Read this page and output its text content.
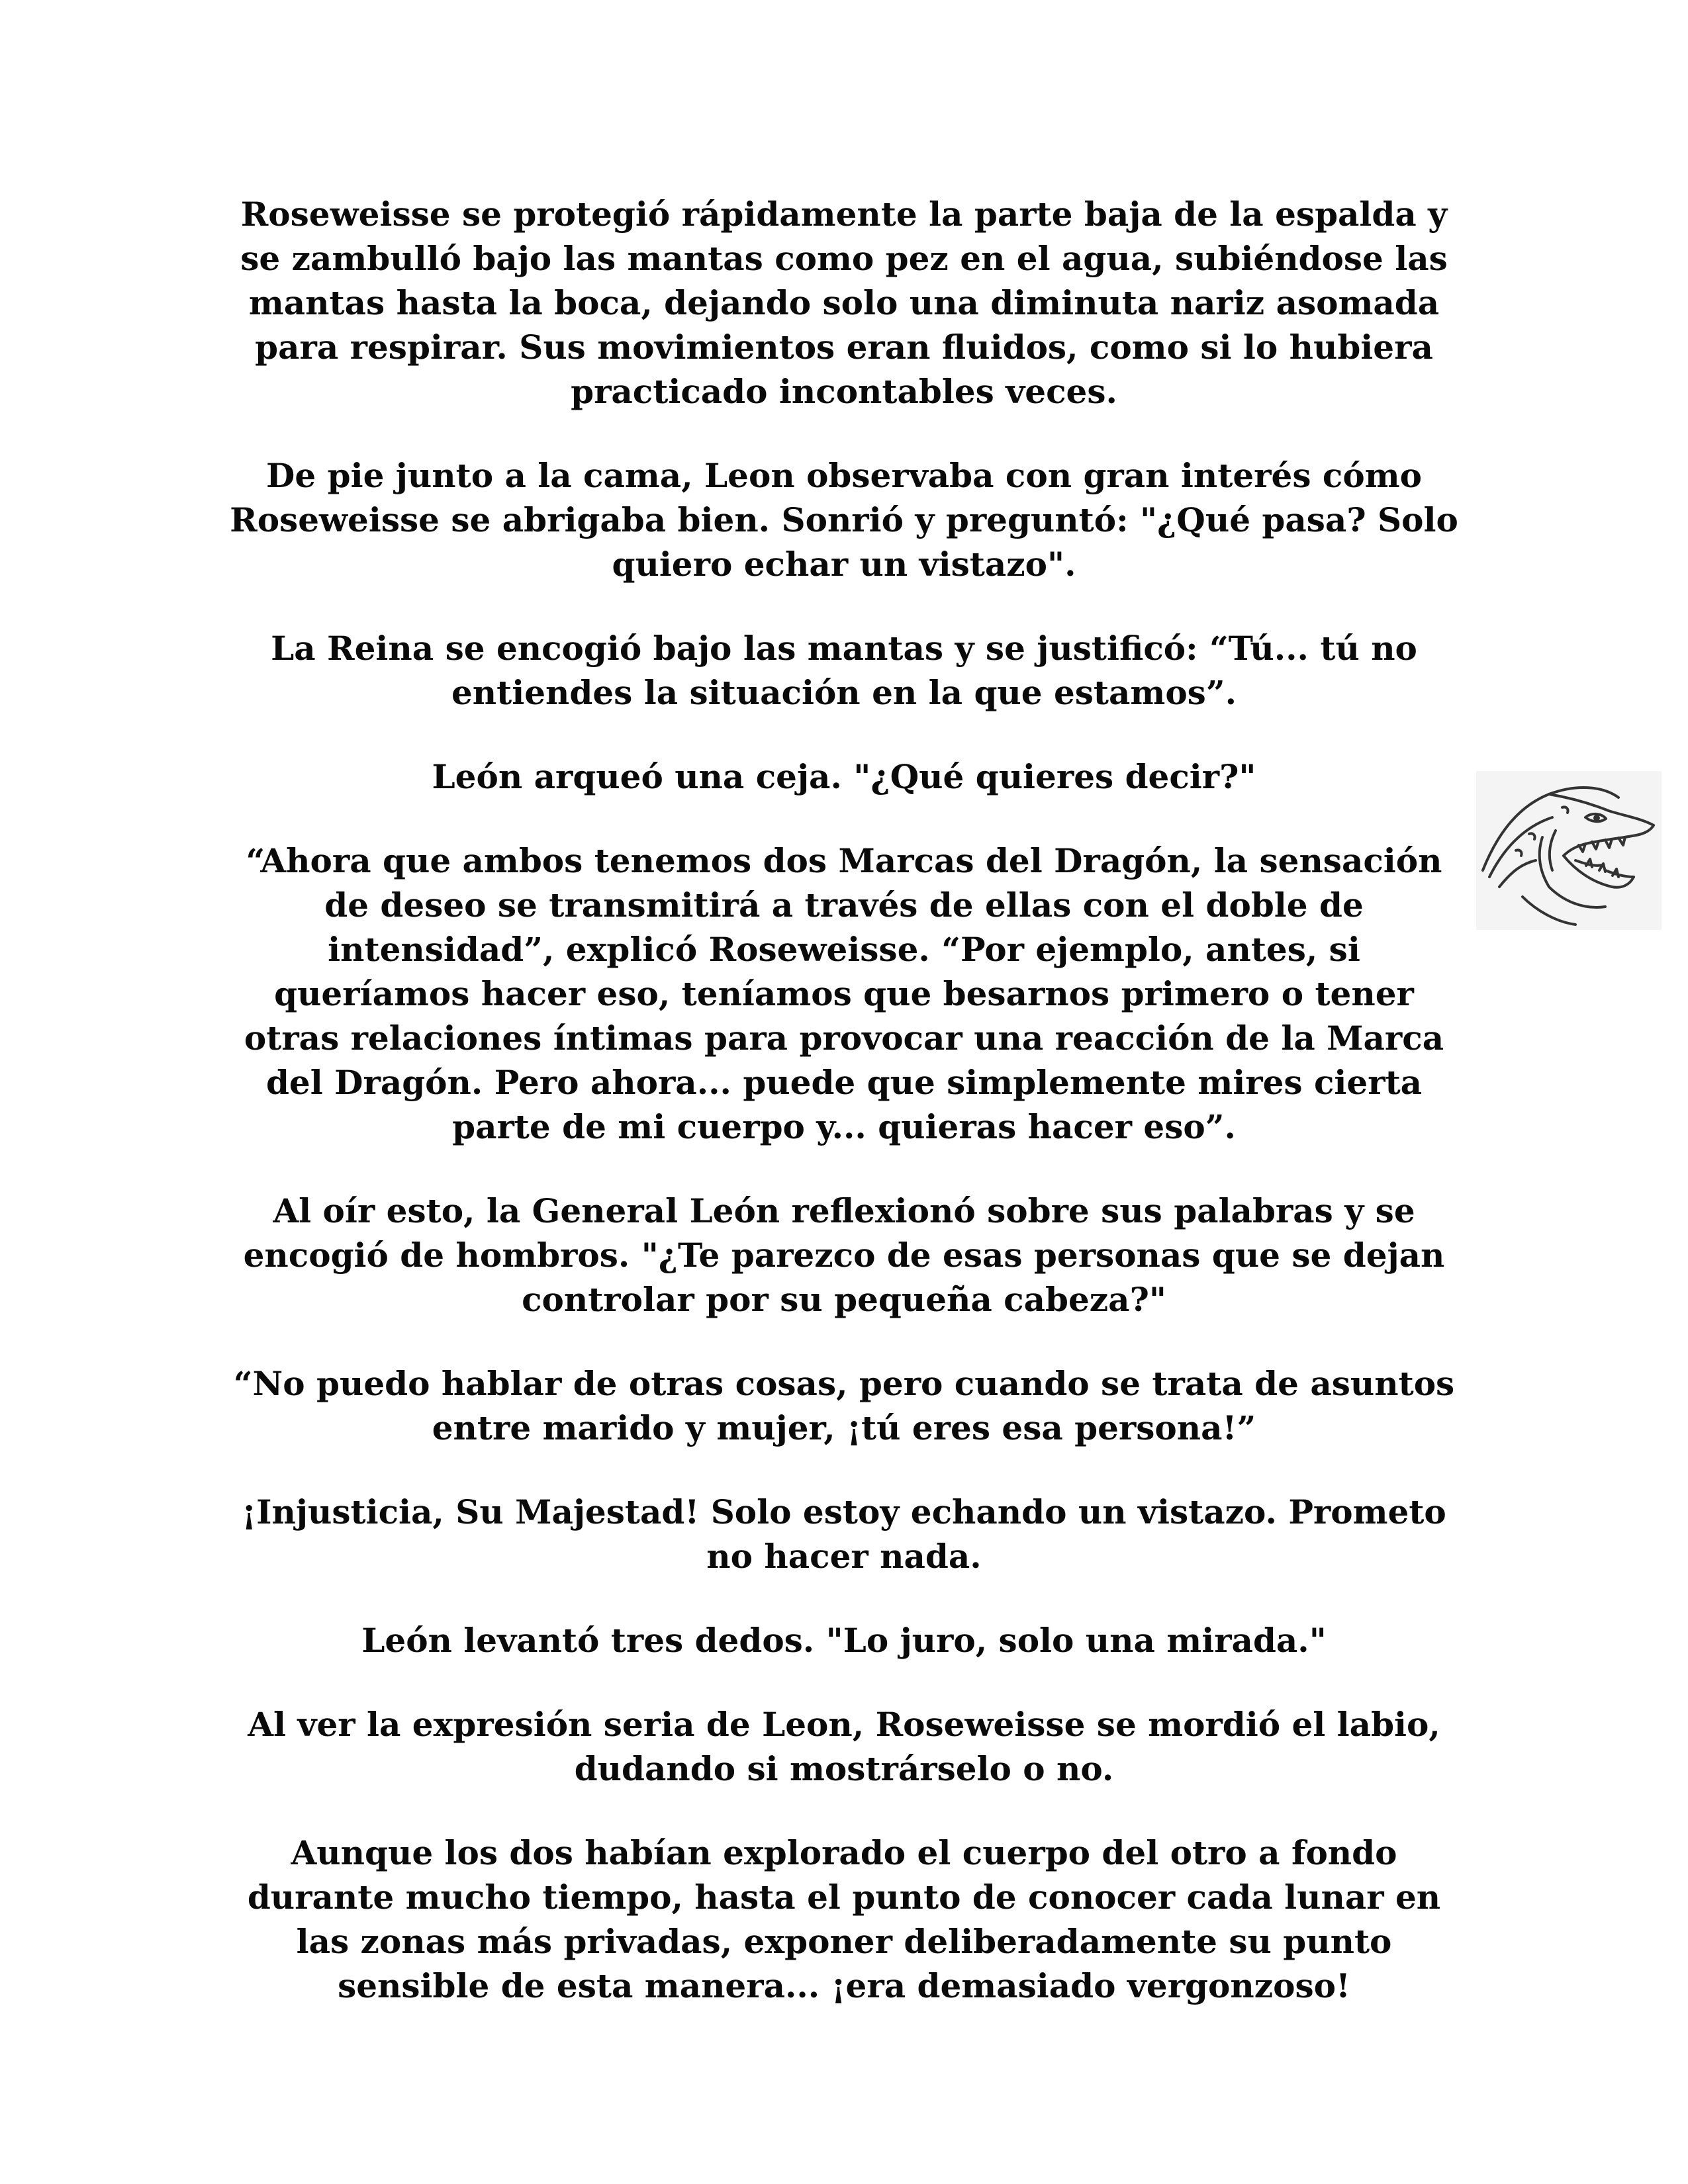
Roseweisse se protegió rápidamente la parte baja de la espalda y se zambulló bajo las mantas como pez en el agua, subiéndose las mantas hasta la boca, dejando solo una diminuta nariz asomada para respirar. Sus movimientos eran fluidos, como si lo hubiera practicado incontables veces.

De pie junto a la cama, Leon observaba con gran interés cómo Roseweisse se abrigaba bien. Sonrió y preguntó: "¿Qué pasa? Solo quiero echar un vistazo".

La Reina se encogió bajo las mantas y se justificó: “Tú... tú no entiendes la situación en la que estamos”.

León arqueó una ceja. "¿Qué quieres decir?"

“Ahora que ambos tenemos dos Marcas del Dragón, la sensación de deseo se transmitirá a través de ellas con el doble de intensidad”, explicó Roseweisse. “Por ejemplo, antes, si queríamos hacer eso, teníamos que besarnos primero o tener otras relaciones íntimas para provocar una reacción de la Marca del Dragón. Pero ahora... puede que simplemente mires cierta parte de mi cuerpo y... quieras hacer eso”.

Al oír esto, la General León reflexionó sobre sus palabras y se encogió de hombros. "¿Te parezco de esas personas que se dejan controlar por su pequeña cabeza?"

“No puedo hablar de otras cosas, pero cuando se trata de asuntos entre marido y mujer, ¡tú eres esa persona!”

¡Injusticia, Su Majestad! Solo estoy echando un vistazo. Prometo no hacer nada.

León levantó tres dedos. "Lo juro, solo una mirada."

Al ver la expresión seria de Leon, Roseweisse se mordió el labio, dudando si mostrárselo o no.

Aunque los dos habían explorado el cuerpo del otro a fondo durante mucho tiempo, hasta el punto de conocer cada lunar en las zonas más privadas, exponer deliberadamente su punto sensible de esta manera... ¡era demasiado vergonzoso!
